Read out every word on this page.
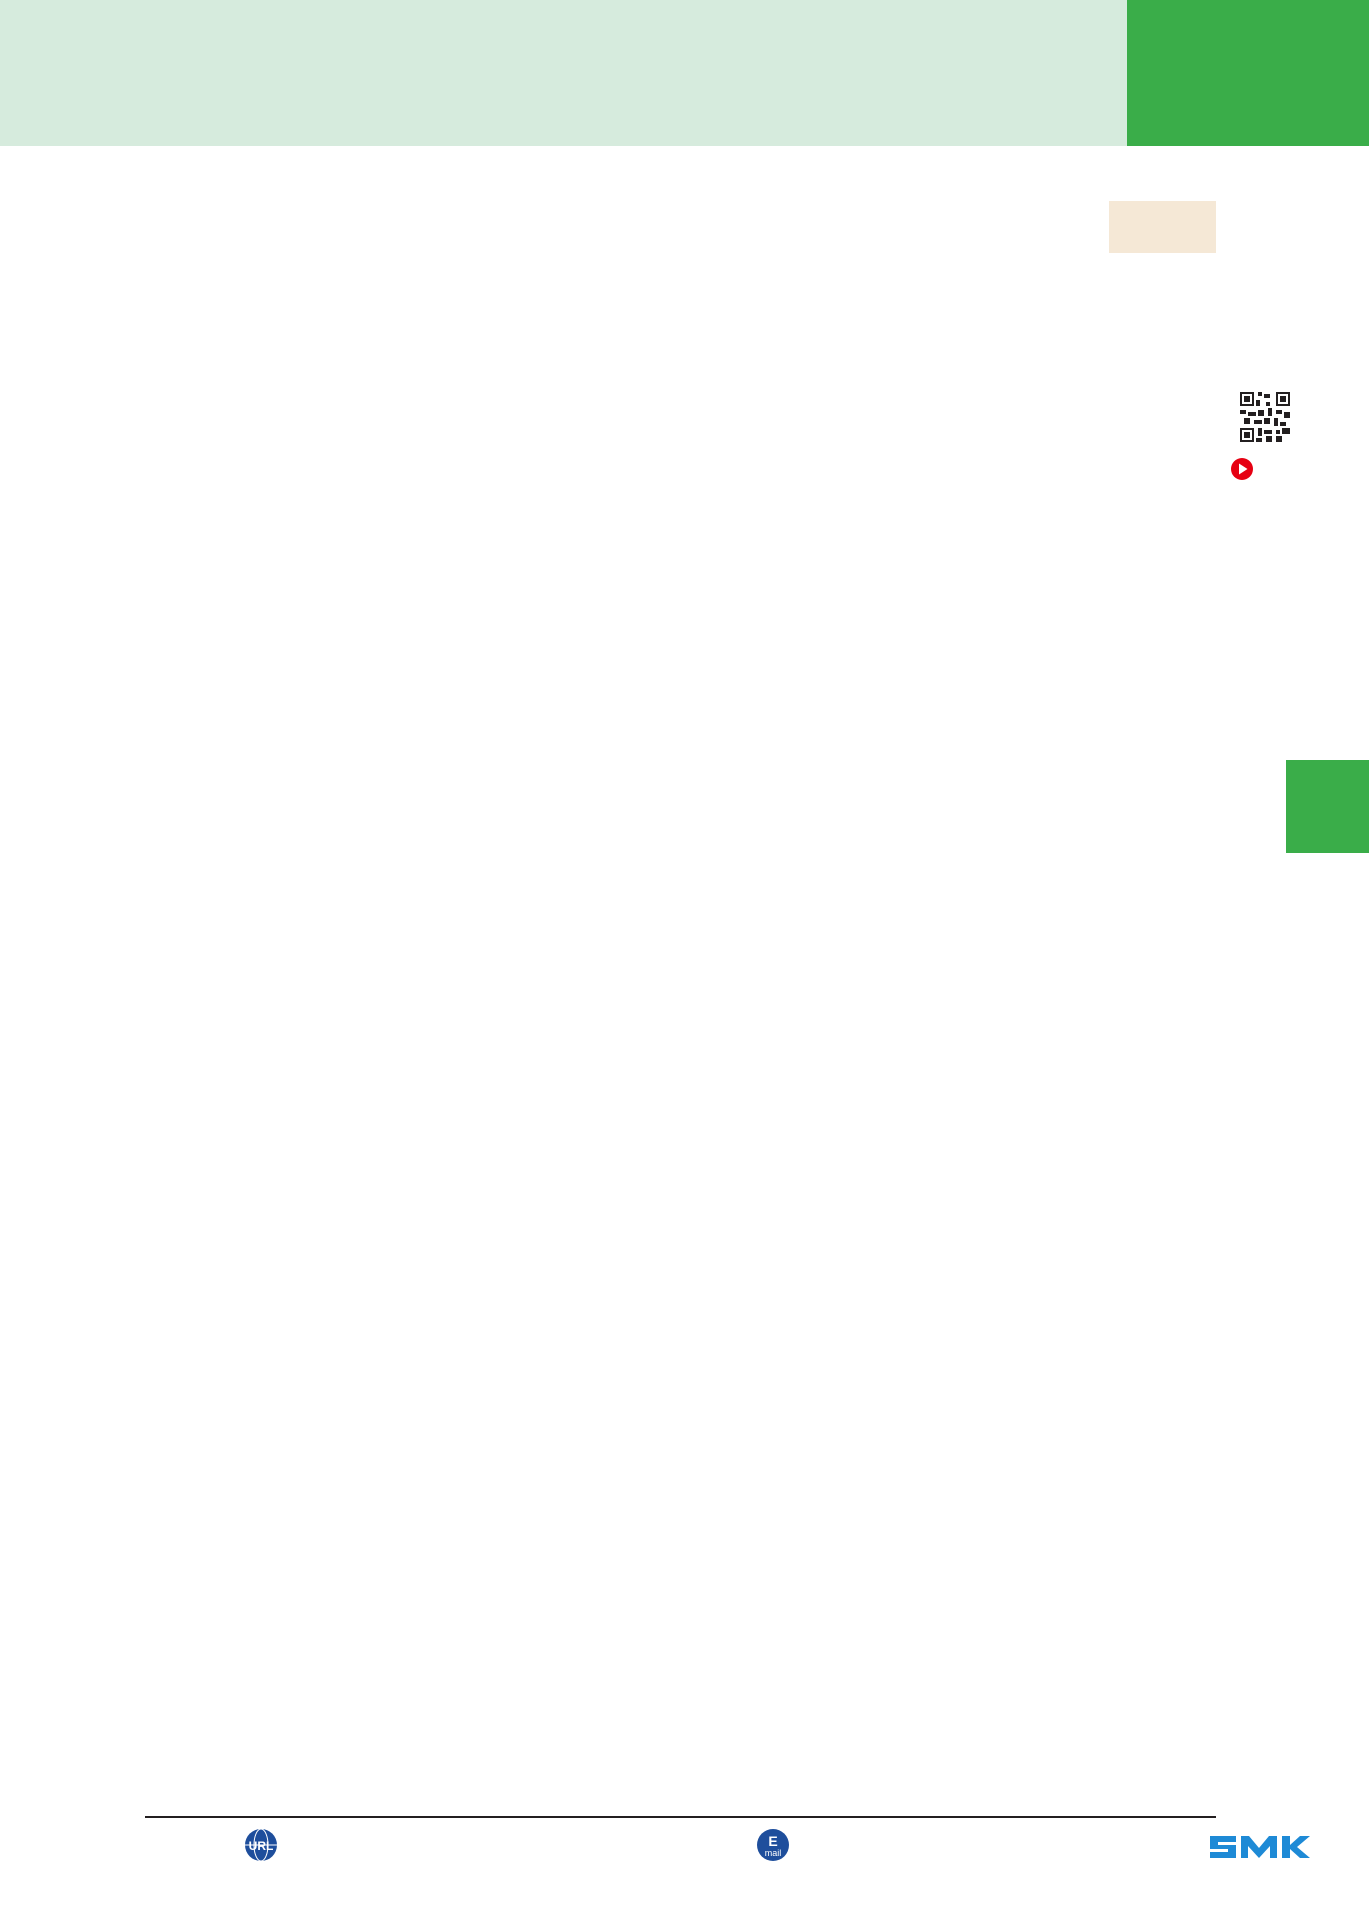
URL	E
mail
